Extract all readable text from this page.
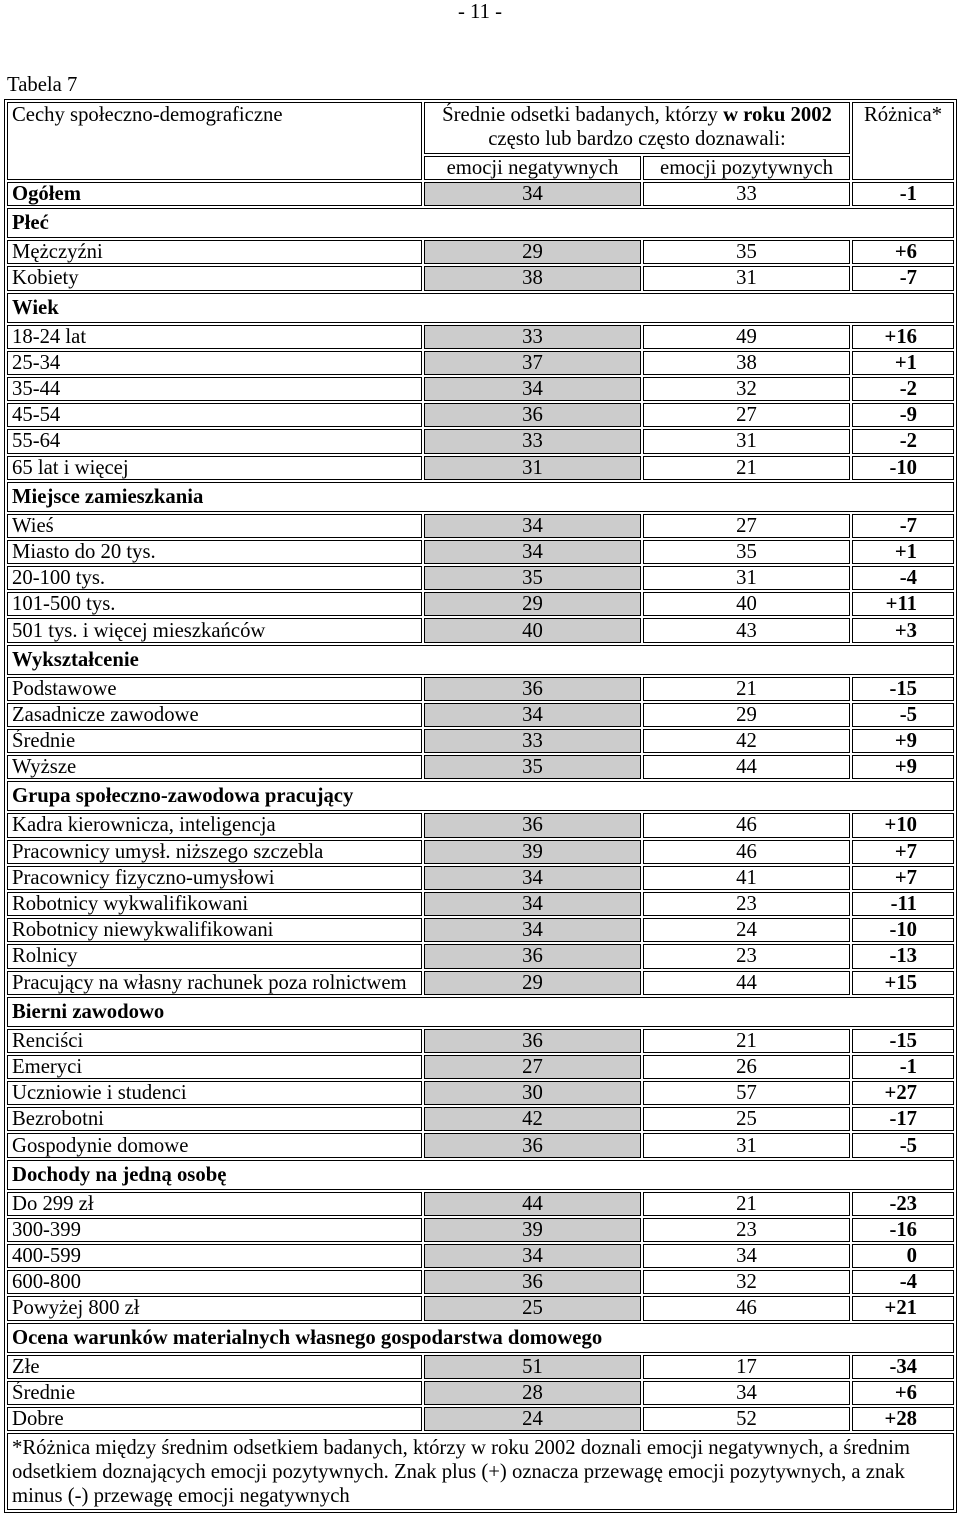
- 11 -
Tabela 7
Cechy społeczno-demograficzne	Średnie odsetki badanych, którzy w roku 2002
często lub bardzo często doznawali:		Różnica*
	emocji negatywnych	emocji pozytywnych	
Ogółem	34	33	-1
Płeć			
Mężczyźni	29	35	+6
Kobiety	38	31	-7
Wiek			
18-24 lat	33	49	+16
25-34	37	38	+1
35-44	34	32	-2
45-54	36	27	-9
55-64	33	31	-2
65 lat i więcej	31	21	-10
Miejsce zamieszkania			
Wieś	34	27	-7
Miasto do 20 tys.	34	35	+1
20-100 tys.	35	31	-4
101-500 tys.	29	40	+11
501 tys. i więcej mieszkańców	40	43	+3
Wykształcenie			
Podstawowe	36	21	-15
Zasadnicze zawodowe	34	29	-5
Średnie	33	42	+9
Wyższe	35	44	+9
Grupa społeczno-zawodowa pracujący			
Kadra kierownicza, inteligencja	36	46	+10
Pracownicy umysł. niższego szczebla	39	46	+7
Pracownicy fizyczno-umysłowi	34	41	+7
Robotnicy wykwalifikowani	34	23	-11
Robotnicy niewykwalifikowani	34	24	-10
Rolnicy	36	23	-13
Pracujący na własny rachunek poza rolnictwem	29	44	+15
Bierni zawodowo			
Renciści	36	21	-15
Emeryci	27	26	-1
Uczniowie i studenci	30	57	+27
Bezrobotni	42	25	-17
Gospodynie domowe	36	31	-5
Dochody na jedną osobę			
Do 299 zł	44	21	-23
300-399	39	23	-16
400-599	34	34	0
600-800	36	32	-4
Powyżej 800 zł	25	46	+21
Ocena warunków materialnych własnego gospodarstwa domowego			
Złe	51	17	-34
Średnie	28	34	+6
Dobre	24	52	+28

*Różnica między średnim odsetkiem badanych, którzy w roku 2002 doznali emocji negatywnych, a średnim
odsetkiem doznających emocji pozytywnych. Znak plus (+) oznacza przewagę emocji pozytywnych, a znak
minus (-) przewagę emocji negatywnych			
